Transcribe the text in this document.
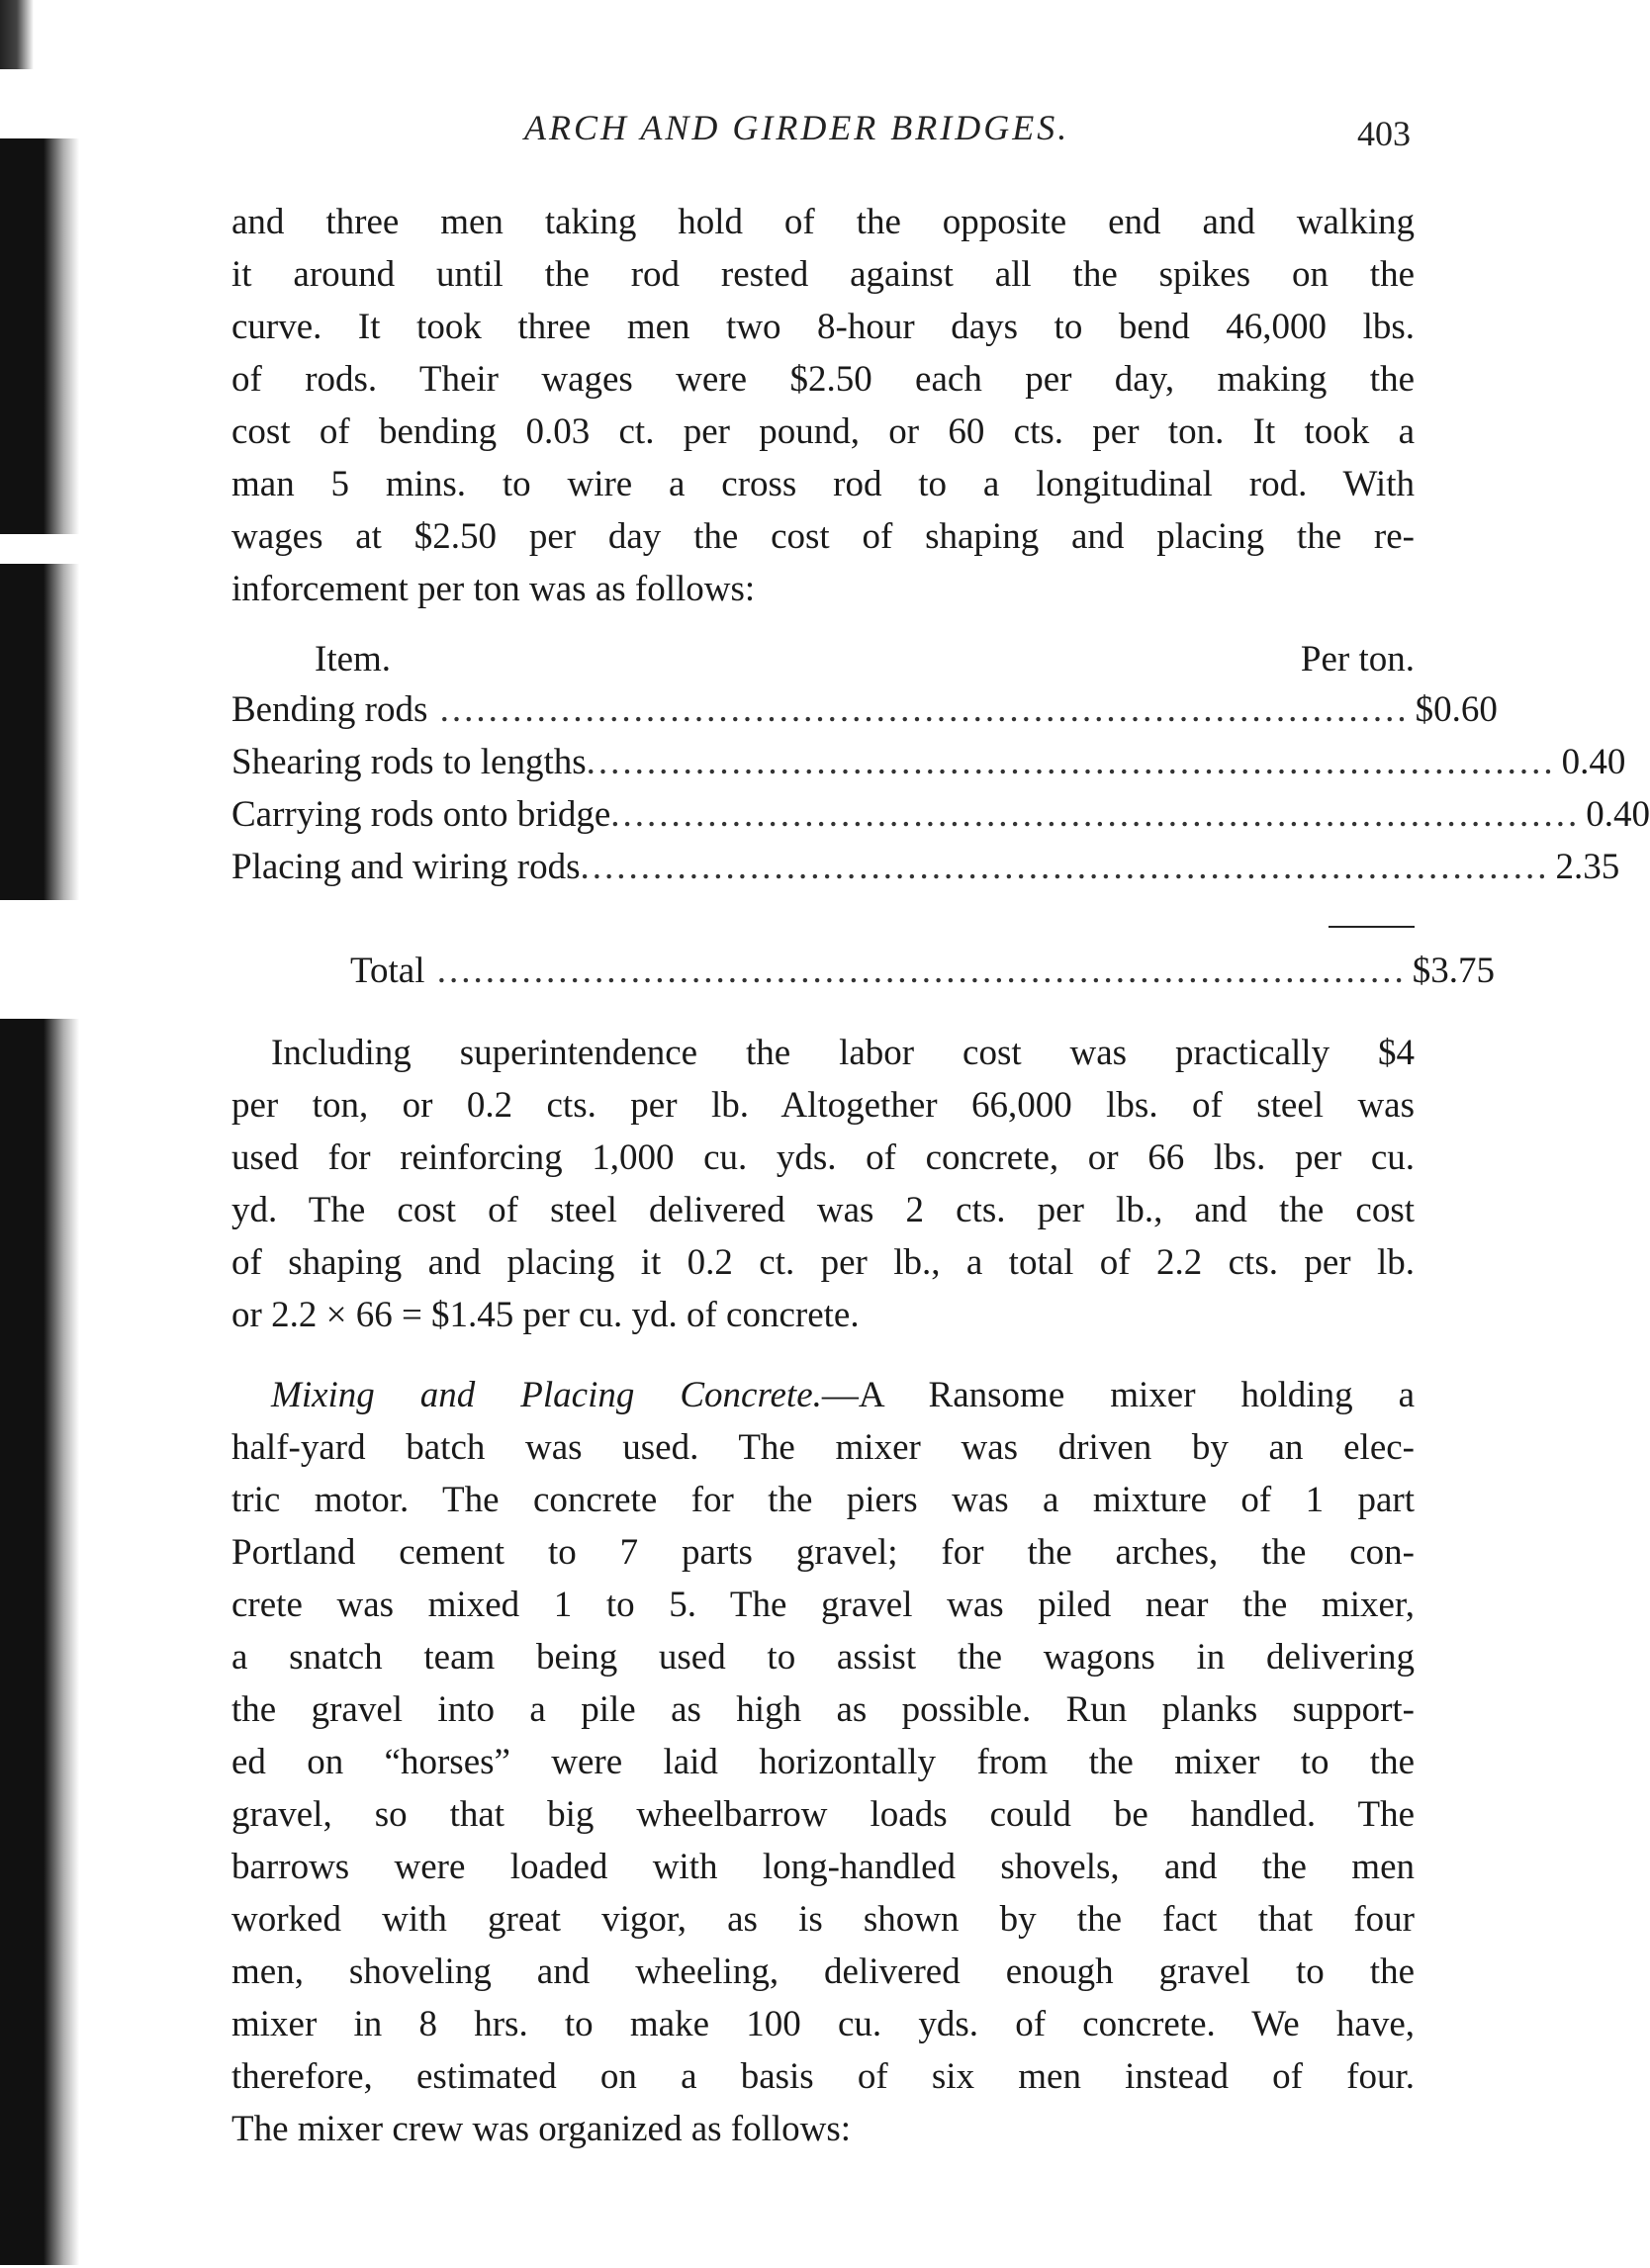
ARCH AND GIRDER BRIDGES.	403
and three men taking hold of the opposite end and walking
it around until the rod rested against all the spikes on the
curve. It took three men two 8-hour days to bend 46,000 lbs.
of rods. Their wages were $2.50 each per day, making the
cost of bending 0.03 ct. per pound, or 60 cts. per ton. It took a
man 5 mins. to wire a cross rod to a longitudinal rod. With
wages at $2.50 per day the cost of shaping and placing the re-
inforcement per ton was as follows:
Item.	Per ton.
Bending rods ................................................................................ $0.60
Shearing rods to lengths ................................................................................ 0.40
Carrying rods onto bridge ................................................................................ 0.40
Placing and wiring rods ................................................................................ 2.35
Total ................................................................................ $3.75
Including superintendence the labor cost was practically $4
per ton, or 0.2 cts. per lb. Altogether 66,000 lbs. of steel was
used for reinforcing 1,000 cu. yds. of concrete, or 66 lbs. per cu.
yd. The cost of steel delivered was 2 cts. per lb., and the cost
of shaping and placing it 0.2 ct. per lb., a total of 2.2 cts. per lb.
or 2.2 × 66 = $1.45 per cu. yd. of concrete.
Mixing and Placing Concrete.—A Ransome mixer holding a
half-yard batch was used. The mixer was driven by an elec-
tric motor. The concrete for the piers was a mixture of 1 part
Portland cement to 7 parts gravel; for the arches, the con-
crete was mixed 1 to 5. The gravel was piled near the mixer,
a snatch team being used to assist the wagons in delivering
the gravel into a pile as high as possible. Run planks support-
ed on “horses” were laid horizontally from the mixer to the
gravel, so that big wheelbarrow loads could be handled. The
barrows were loaded with long-handled shovels, and the men
worked with great vigor, as is shown by the fact that four
men, shoveling and wheeling, delivered enough gravel to the
mixer in 8 hrs. to make 100 cu. yds. of concrete. We have,
therefore, estimated on a basis of six men instead of four.
The mixer crew was organized as follows:
